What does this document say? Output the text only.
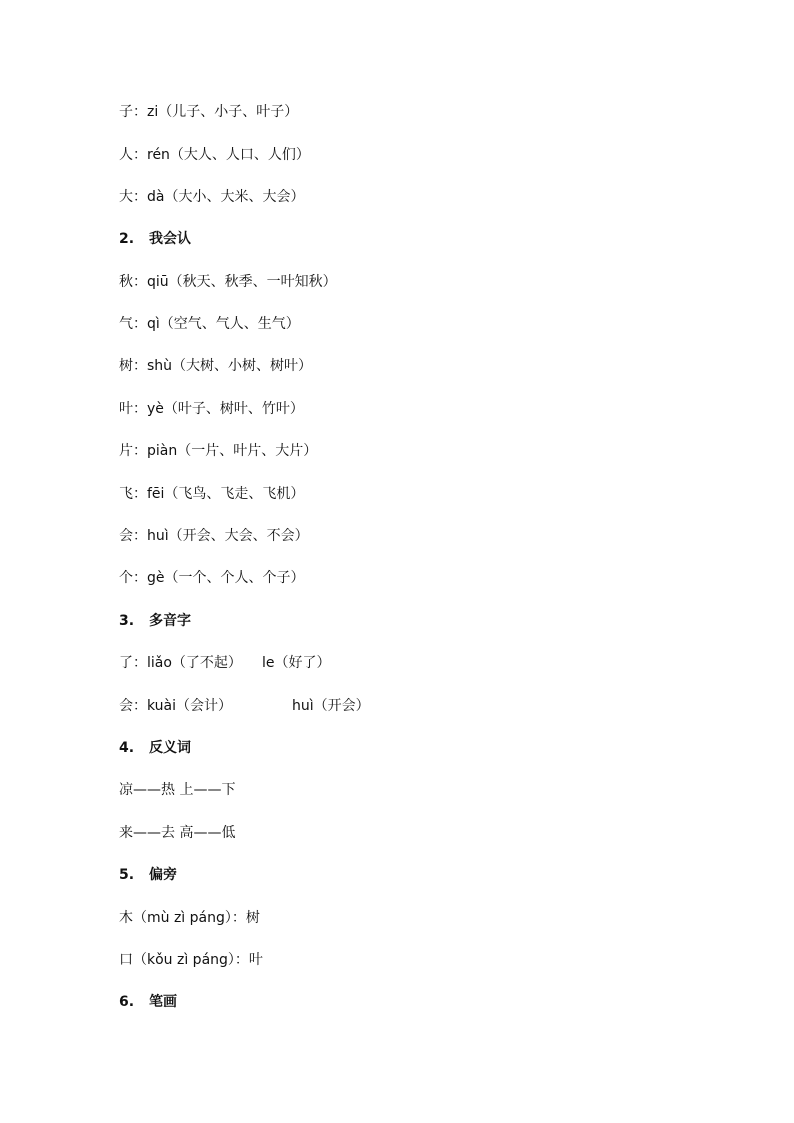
子：zi（儿子、小子、叶子）
人：rén（大人、人口、人们）
大：dà（大小、大米、大会）
2. 我会认
秋：qiū（秋天、秋季、一叶知秋）
气：qì（空气、气人、生气）
树：shù（大树、小树、树叶）
叶：yè（叶子、树叶、竹叶）
片：piàn（一片、叶片、大片）
飞：fēi（飞鸟、飞走、飞机）
会：huì（开会、大会、不会）
个：gè（一个、个人、个子）
3. 多音字
了：liǎo（了不起） le（好了）
会：kuài（会计）	huì（开会）
4. 反义词
凉——热 上——下
来——去 高——低
5. 偏旁
木（mù zì páng）：树
口（kǒu zì páng）：叶
6. 笔画
